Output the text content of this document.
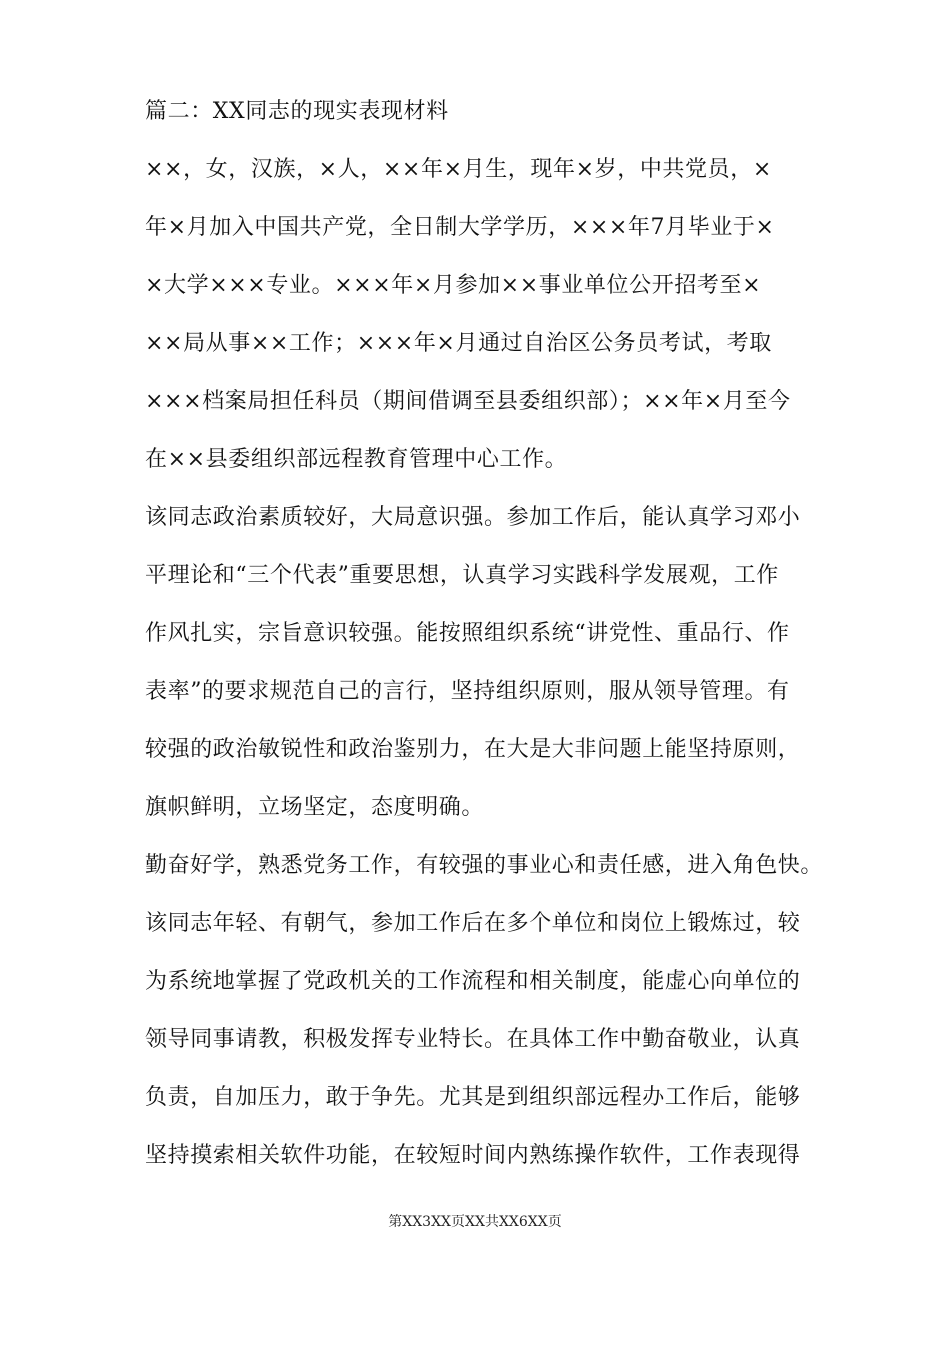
篇二：XX同志的现实表现材料
××，女，汉族，×人，××年×月生，现年×岁，中共党员，×
年×月加入中国共产党，全日制大学学历，×××年7月毕业于×
×大学×××专业。×××年×月参加××事业单位公开招考至×
××局从事××工作；×××年×月通过自治区公务员考试，考取
×××档案局担任科员（期间借调至县委组织部）；××年×月至今
在××县委组织部远程教育管理中心工作。
该同志政治素质较好，大局意识强。参加工作后，能认真学习邓小
平理论和“三个代表”重要思想，认真学习实践科学发展观，工作
作风扎实，宗旨意识较强。能按照组织系统“讲党性、重品行、作
表率”的要求规范自己的言行，坚持组织原则，服从领导管理。有
较强的政治敏锐性和政治鉴别力，在大是大非问题上能坚持原则，
旗帜鲜明，立场坚定，态度明确。
勤奋好学，熟悉党务工作，有较强的事业心和责任感，进入角色快。
该同志年轻、有朝气，参加工作后在多个单位和岗位上锻炼过，较
为系统地掌握了党政机关的工作流程和相关制度，能虚心向单位的
领导同事请教，积极发挥专业特长。在具体工作中勤奋敬业，认真
负责，自加压力，敢于争先。尤其是到组织部远程办工作后，能够
坚持摸索相关软件功能，在较短时间内熟练操作软件，工作表现得
第XX3XX页XX共XX6XX页
